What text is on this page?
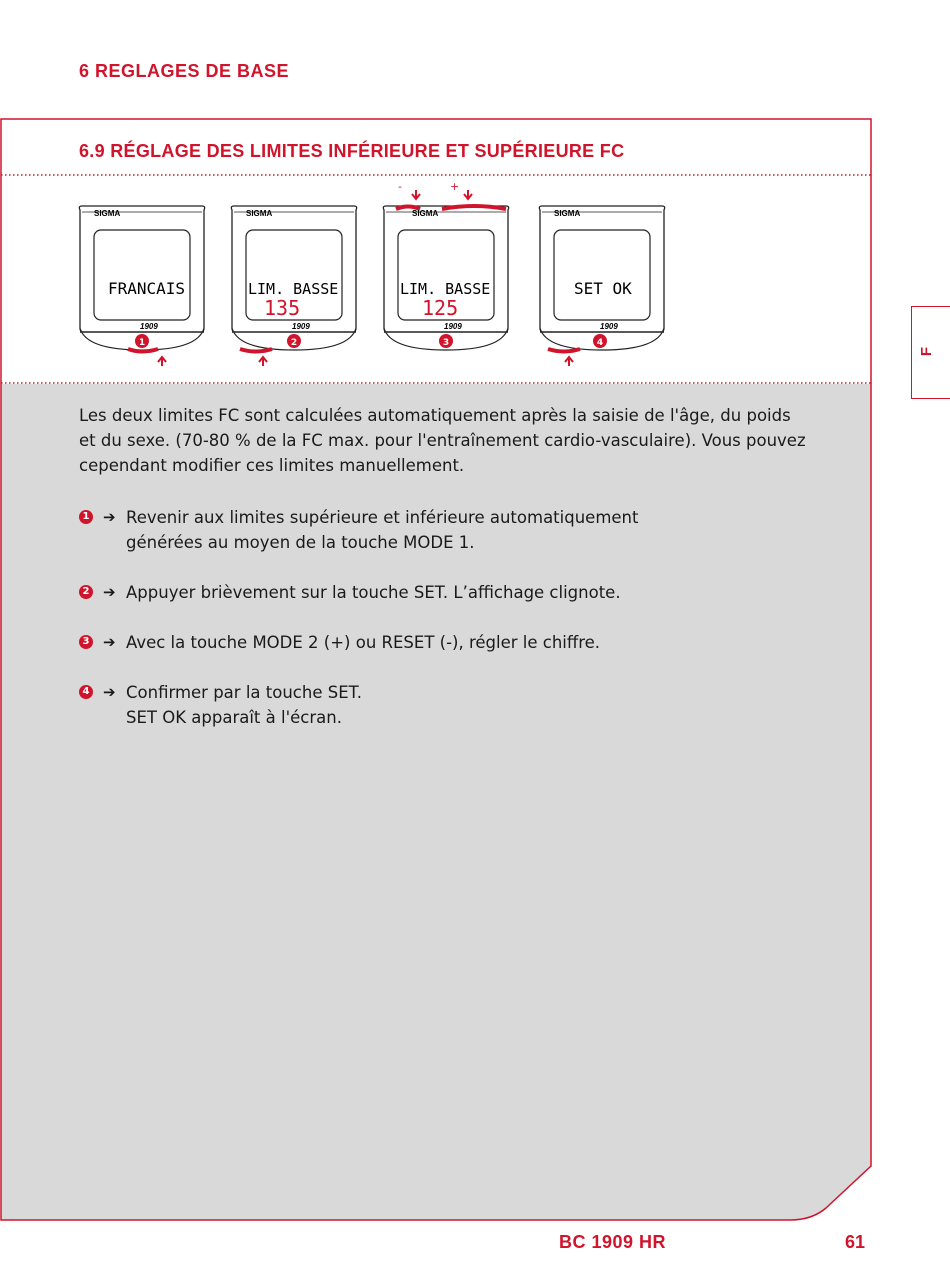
6 REGLAGES DE BASE
6.9 RÉGLAGE DES LIMITES INFÉRIEURE ET SUPÉRIEURE FC
SIGMA
FRANCAIS
1909
1
SIGMA
LIM. BASSE
135
1909
2
-	+
SIGMA
LIM. BASSE
125
1909
3
SIGMA
SET OK
1909
4
Les deux limites FC sont calculées automatiquement après la saisie de l'âge, du poids et du sexe. (70-80 % de la FC max. pour l'entraînement cardio-vasculaire). Vous pouvez cependant modifier ces limites manuellement.
1 ➔ Revenir aux limites supérieure et inférieure automatiquement générées au moyen de la touche MODE 1.
2 ➔ Appuyer brièvement sur la touche SET. L’affichage clignote.
3 ➔ Avec la touche MODE 2 (+) ou RESET (-), régler le chiffre.
4 ➔ Confirmer par la touche SET. SET OK apparaît à l'écran.
F
BC 1909 HR	61
